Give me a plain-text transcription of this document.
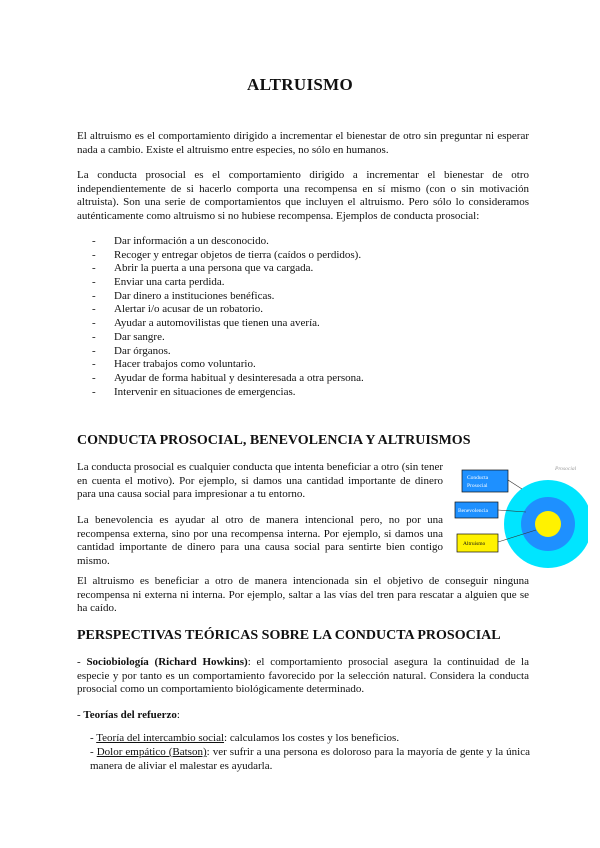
ALTRUISMO

El altruismo es el comportamiento dirigido a incrementar el bienestar de otro sin preguntar ni esperar nada a cambio. Existe el altruismo entre especies, no sólo en humanos.

La conducta prosocial es el comportamiento dirigido a incrementar el bienestar de otro independientemente de si hacerlo comporta una recompensa en sí mismo (con o sin motivación altruista). Son una serie de comportamientos que incluyen el altruismo. Pero sólo lo consideramos auténticamente como altruismo si no hubiese recompensa. Ejemplos de conducta prosocial:

- Dar información a un desconocido.
- Recoger y entregar objetos de tierra (caídos o perdidos).
- Abrir la puerta a una persona que va cargada.
- Enviar una carta perdida.
- Dar dinero a instituciones benéficas.
- Alertar i/o acusar de un robatorio.
- Ayudar a automovilistas que tienen una avería.
- Dar sangre.
- Dar órganos.
- Hacer trabajos como voluntario.
- Ayudar de forma habitual y desinteresada a otra persona.
- Intervenir en situaciones de emergencias.
CONDUCTA PROSOCIAL, BENEVOLENCIA Y ALTRUISMOS

La conducta prosocial es cualquier conducta que intenta beneficiar a otro (sin tener en cuenta el motivo). Por ejemplo, si damos una cantidad importante de dinero para una causa social para impresionar a tu entorno.

La benevolencia es ayudar al otro de manera intencional pero, no por una recompensa externa, sino por una recompensa interna. Por ejemplo, si damos una cantidad importante de dinero para una causa social para sentirte bien contigo mismo.

Prosocial
Conducta
Prosocial
Benevolencia
Altruismo

El altruismo es beneficiar a otro de manera intencionada sin el objetivo de conseguir ninguna recompensa ni externa ni interna. Por ejemplo, saltar a las vías del tren para rescatar a alguien que se ha caído.

PERSPECTIVAS TEÓRICAS SOBRE LA CONDUCTA PROSOCIAL

- Sociobiología (Richard Howkins): el comportamiento prosocial asegura la continuidad de la especie y por tanto es un comportamiento favorecido por la selección natural. Considera la conducta prosocial como un comportamiento biológicamente determinado.

- Teorías del refuerzo:

- Teoría del intercambio social: calculamos los costes y los beneficios.

- Dolor empático (Batson): ver sufrir a una persona es doloroso para la mayoría de gente y la única manera de aliviar el malestar es ayudarla.
